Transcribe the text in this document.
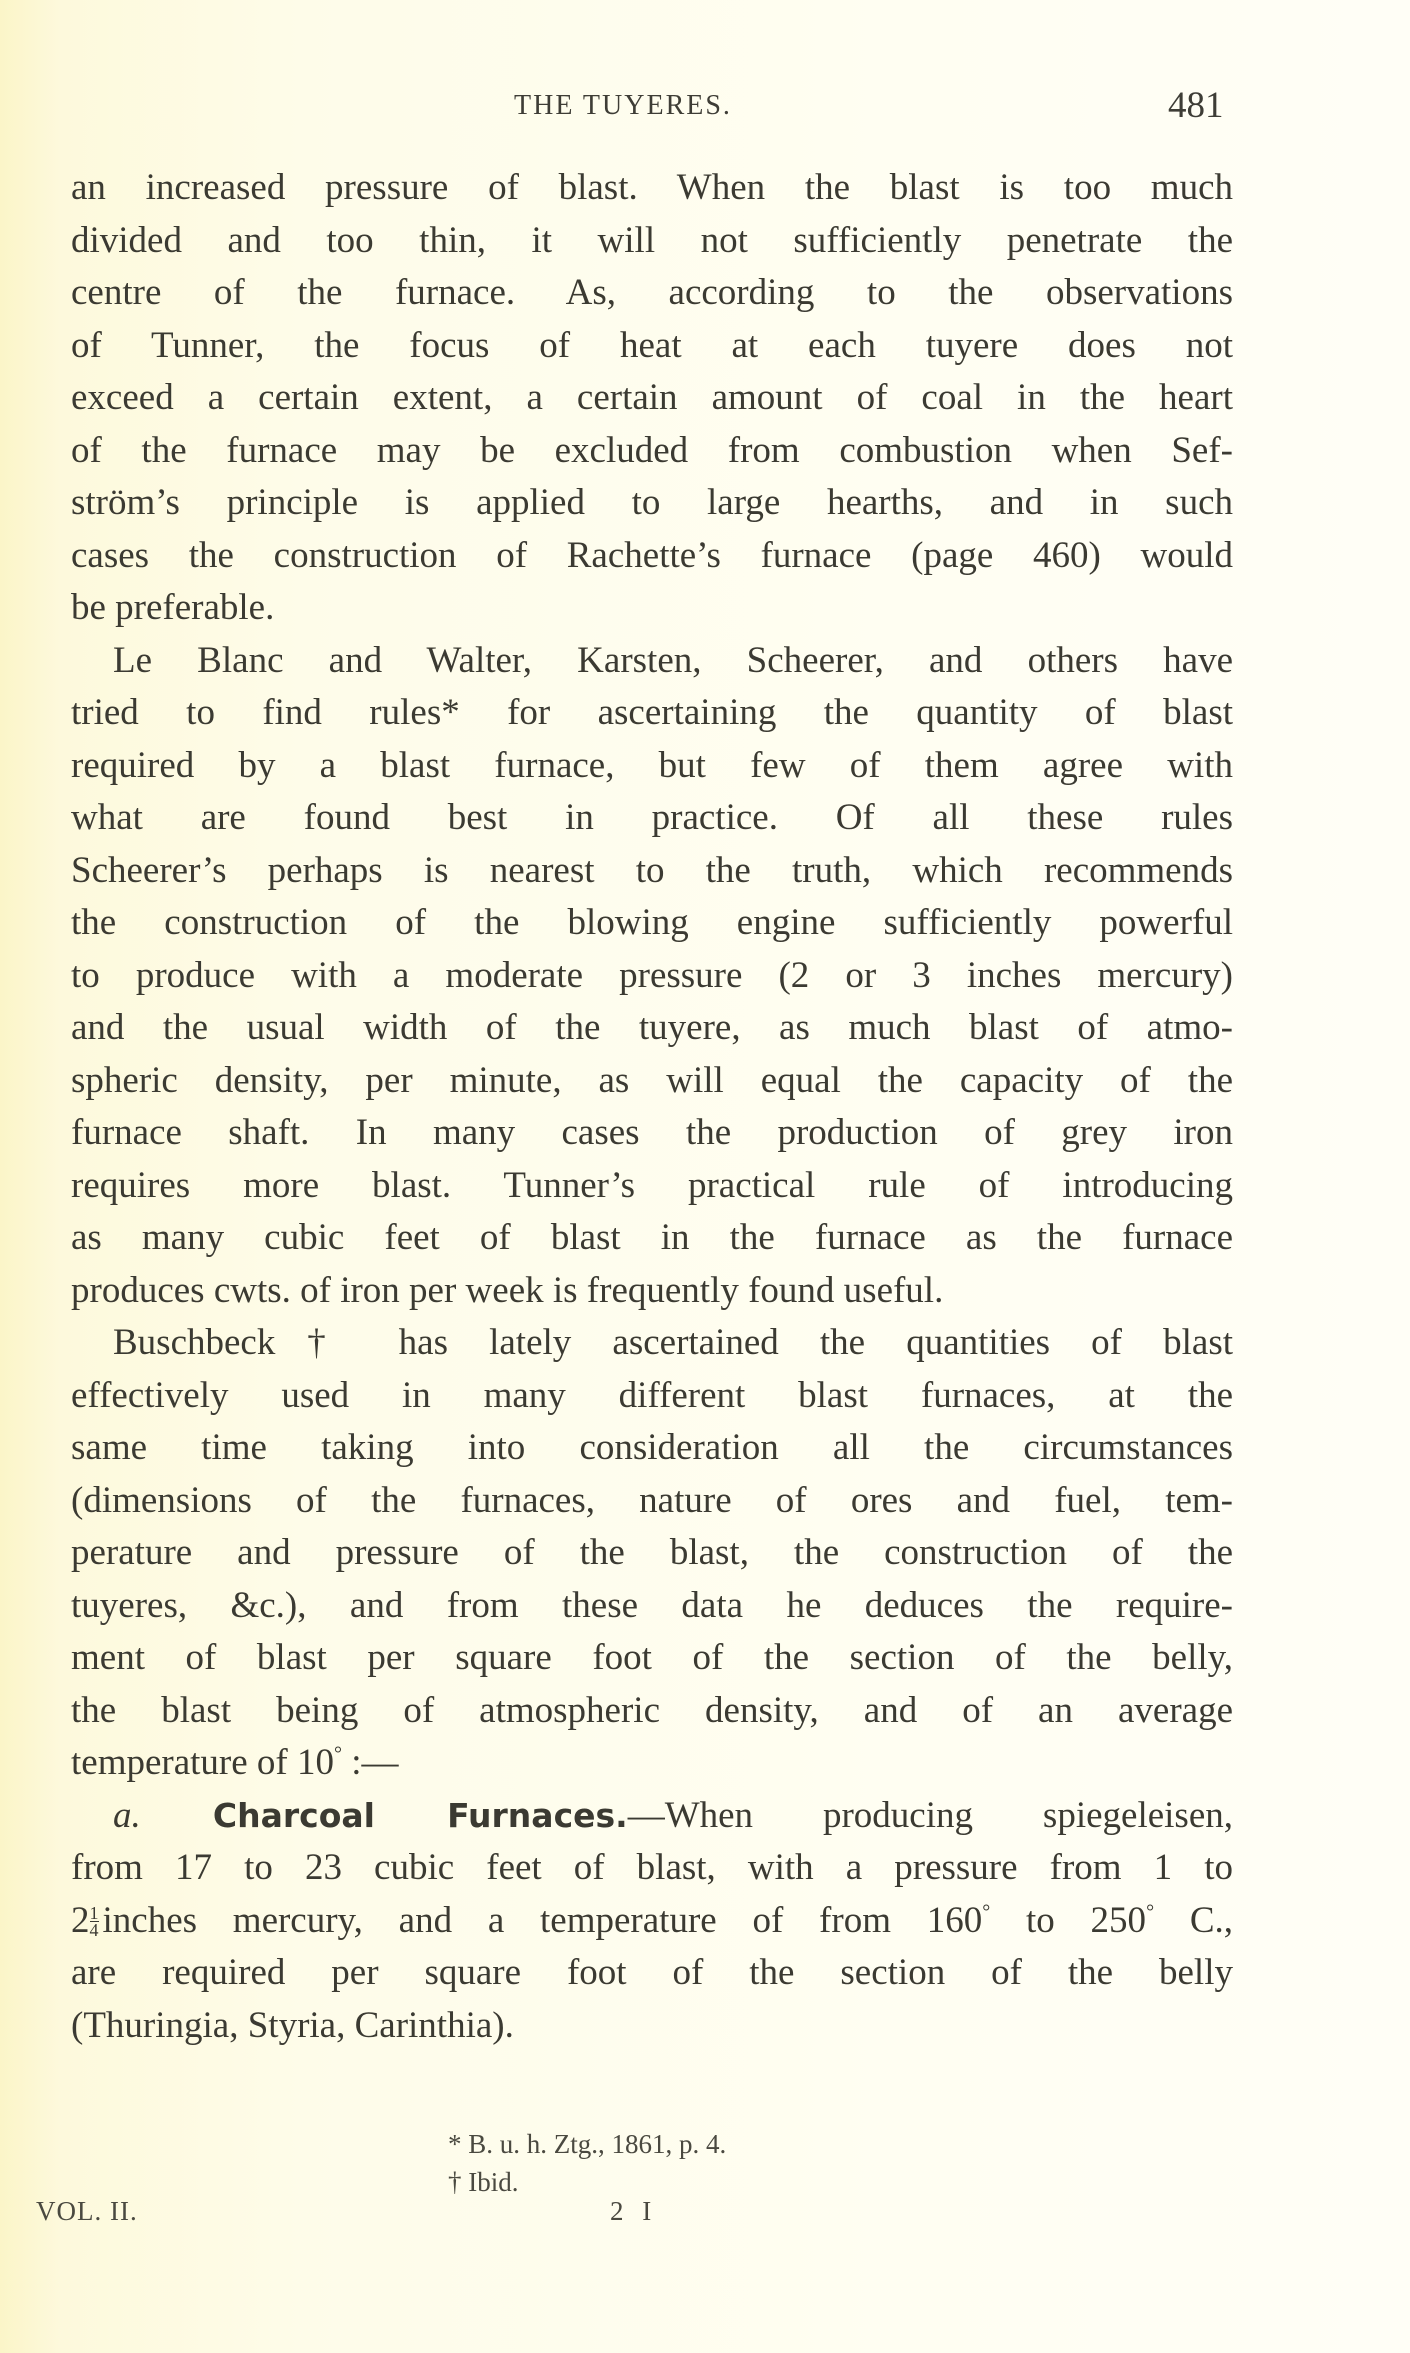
THE TUYERES.	481
an increased pressure of blast. When the blast is too much
divided and too thin, it will not sufficiently penetrate the
centre of the furnace. As, according to the observations
of Tunner, the focus of heat at each tuyere does not
exceed a certain extent, a certain amount of coal in the heart
of the furnace may be excluded from combustion when Sef-
ström’s principle is applied to large hearths, and in such
cases the construction of Rachette’s furnace (page 460) would
be preferable.
Le Blanc and Walter, Karsten, Scheerer, and others have
tried to find rules* for ascertaining the quantity of blast
required by a blast furnace, but few of them agree with
what are found best in practice. Of all these rules
Scheerer’s perhaps is nearest to the truth, which recommends
the construction of the blowing engine sufficiently powerful
to produce with a moderate pressure (2 or 3 inches mercury)
and the usual width of the tuyere, as much blast of atmo-
spheric density, per minute, as will equal the capacity of the
furnace shaft. In many cases the production of grey iron
requires more blast. Tunner’s practical rule of introducing
as many cubic feet of blast in the furnace as the furnace
produces cwts. of iron per week is frequently found useful.
Buschbeck† has lately ascertained the quantities of blast
effectively used in many different blast furnaces, at the
same time taking into consideration all the circumstances
(dimensions of the furnaces, nature of ores and fuel, tem-
perature and pressure of the blast, the construction of the
tuyeres, &c.), and from these data he deduces the require-
ment of blast per square foot of the section of the belly,
the blast being of atmospheric density, and of an average
temperature of 10° :—
a. Charcoal Furnaces.—When producing spiegeleisen,
from 17 to 23 cubic feet of blast, with a pressure from 1 to
$2 \frac{1}{4}$ inches mercury, and a temperature of from 160° to 250° C.,
are required per square foot of the section of the belly
(Thuringia, Styria, Carinthia).
* B. u. h. Ztg., 1861, p. 4.
† Ibid.
VOL. II.	2 I
